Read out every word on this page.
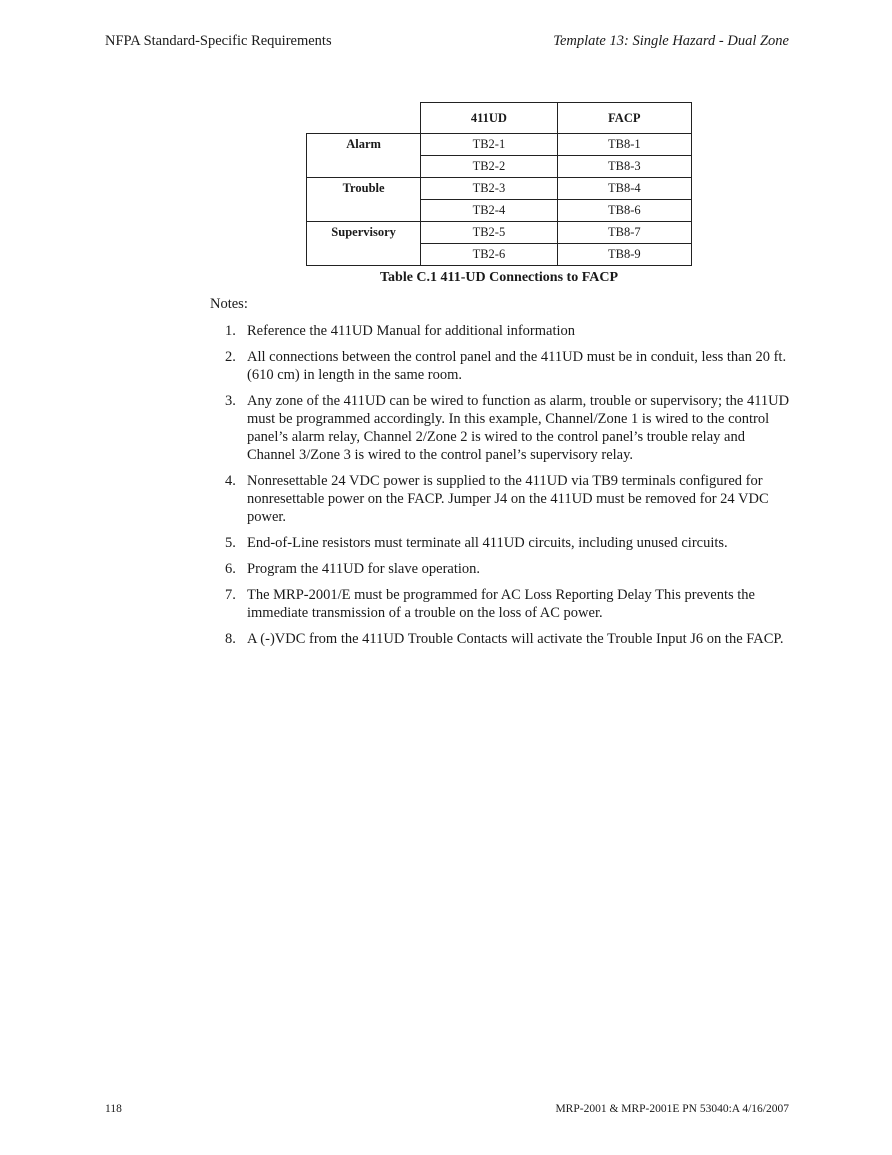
NFPA Standard-Specific Requirements	Template 13: Single Hazard - Dual Zone
	411UD	FACP
Alarm	TB2-1	TB8-1
	TB2-2	TB8-3
Trouble	TB2-3	TB8-4
	TB2-4	TB8-6
Supervisory	TB2-5	TB8-7
	TB2-6	TB8-9
Table C.1 411-UD Connections to FACP
Notes:
1. Reference the 411UD Manual for additional information
2. All connections between the control panel and the 411UD must be in conduit, less than 20 ft. (610 cm) in length in the same room.
3. Any zone of the 411UD can be wired to function as alarm, trouble or supervisory; the 411UD must be programmed accordingly. In this example, Channel/Zone 1 is wired to the control panel’s alarm relay, Channel 2/Zone 2 is wired to the control panel’s trouble relay and Channel 3/Zone 3 is wired to the control panel’s supervisory relay.
4. Nonresettable 24 VDC power is supplied to the 411UD via TB9 terminals configured for nonresettable power on the FACP. Jumper J4 on the 411UD must be removed for 24 VDC power.
5. End-of-Line resistors must terminate all 411UD circuits, including unused circuits.
6. Program the 411UD for slave operation.
7. The MRP-2001/E must be programmed for AC Loss Reporting Delay This prevents the immediate transmission of a trouble on the loss of AC power.
8. A (-)VDC from the 411UD Trouble Contacts will activate the Trouble Input J6 on the FACP.
118	MRP-2001 & MRP-2001E PN 53040:A 4/16/2007
